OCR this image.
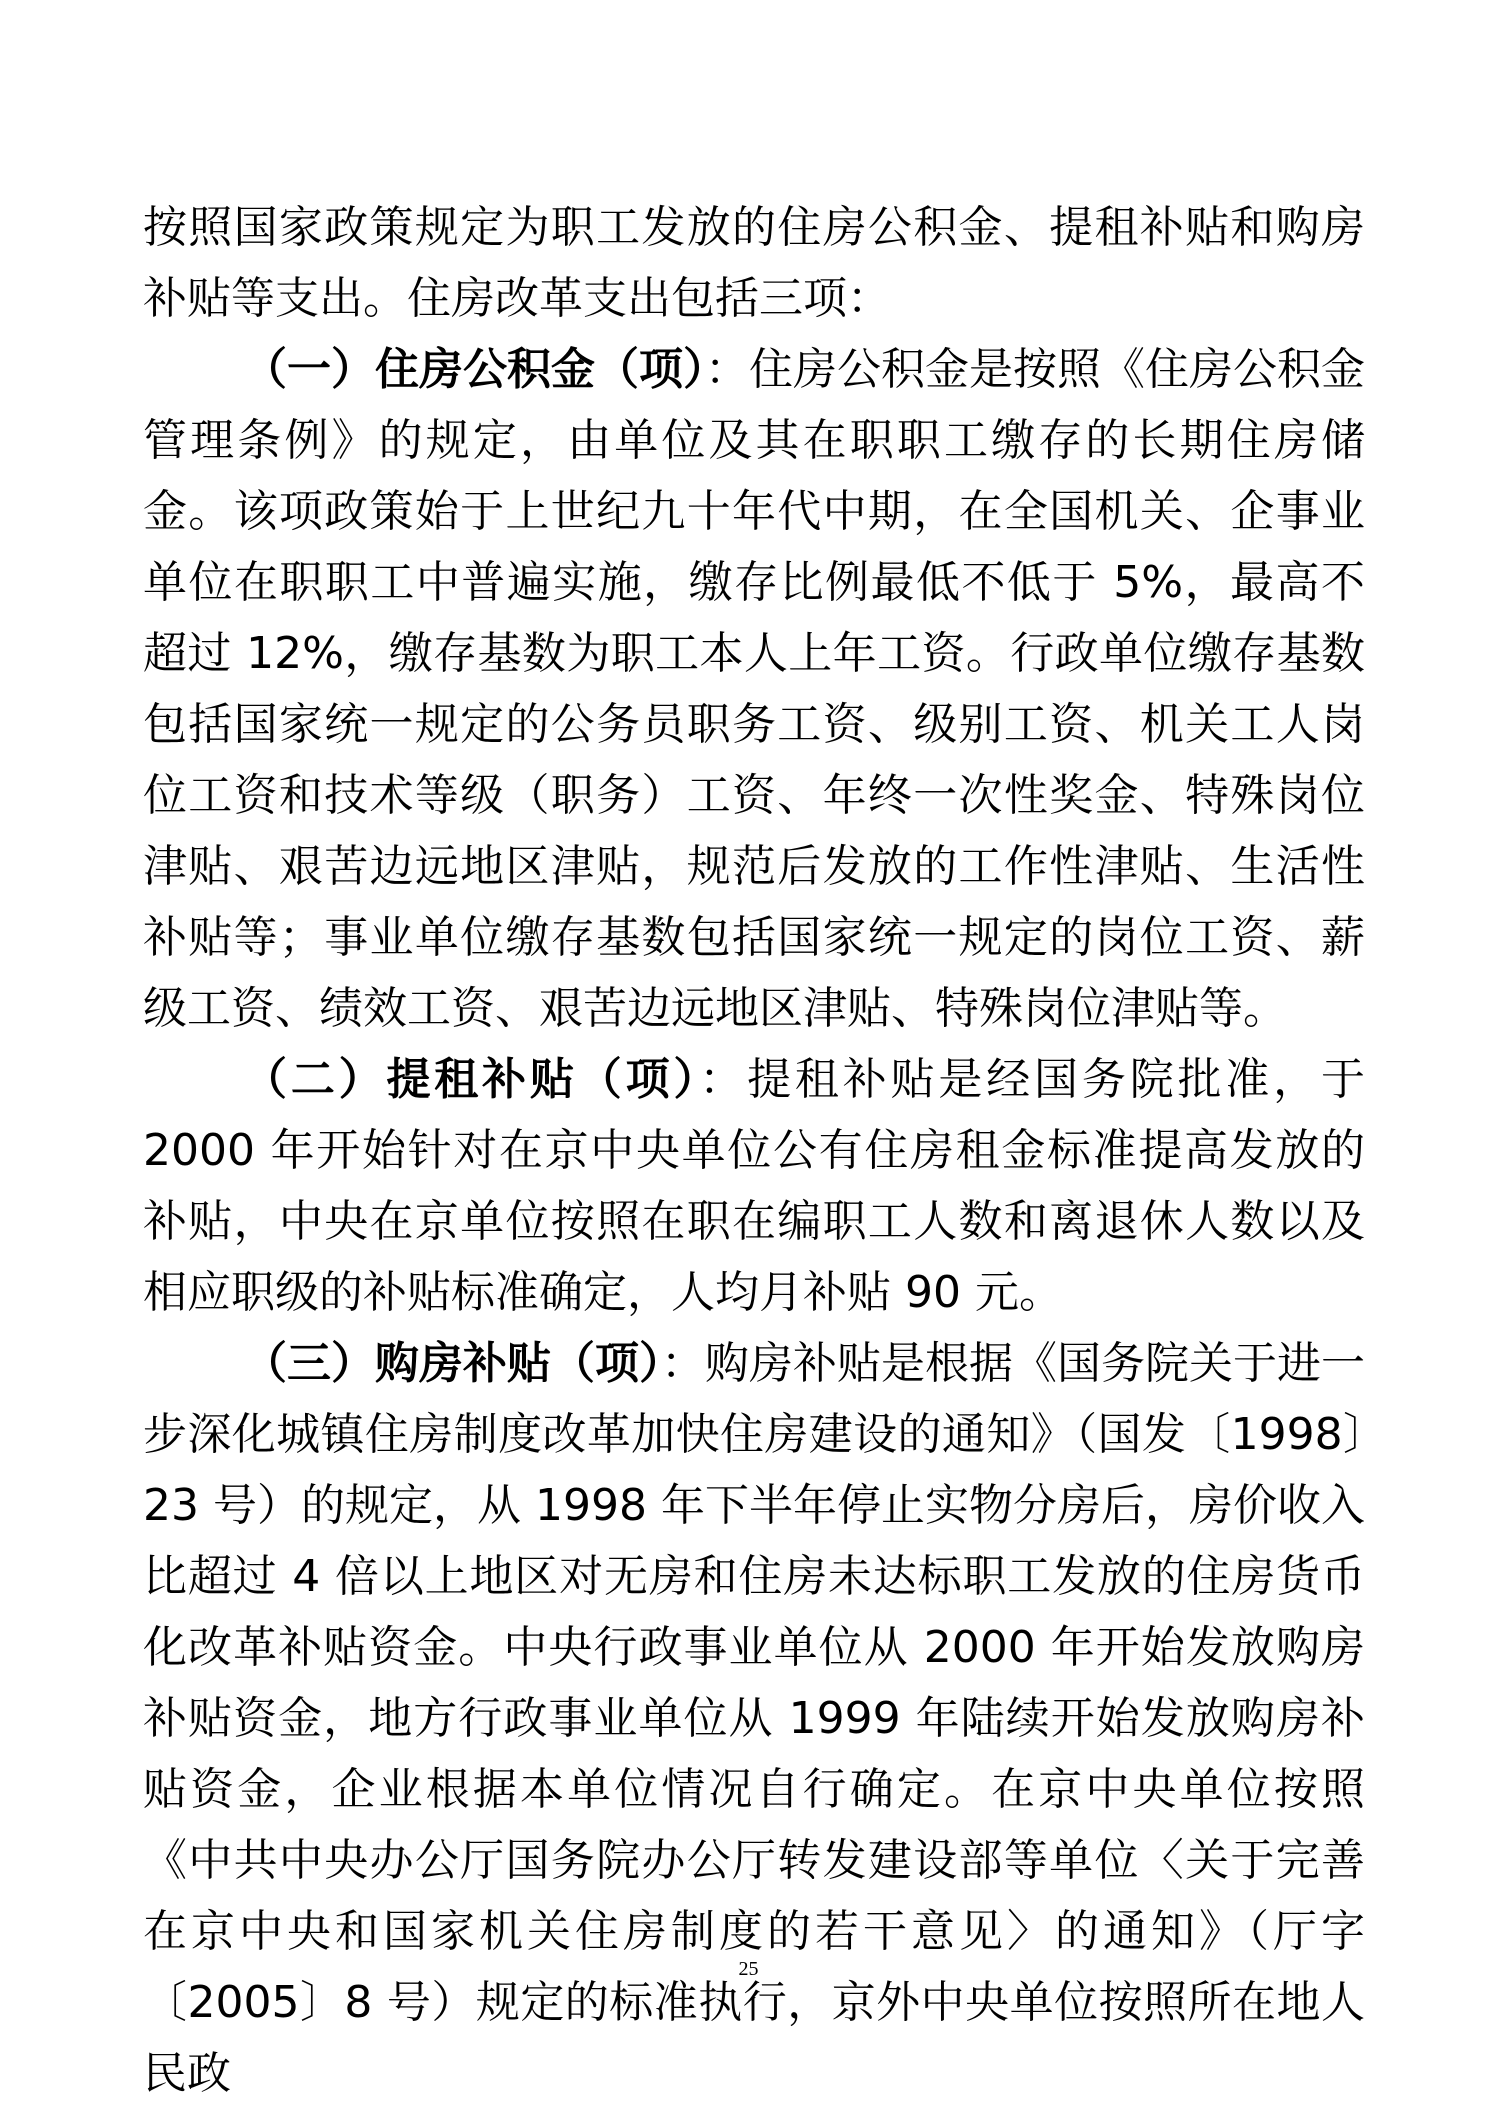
按照国家政策规定为职工发放的住房公积金、提租补贴和购房补贴等支出。住房改革支出包括三项：

（一）住房公积金（项）：住房公积金是按照《住房公积金管理条例》的规定，由单位及其在职职工缴存的长期住房储金。该项政策始于上世纪九十年代中期，在全国机关、企事业单位在职职工中普遍实施，缴存比例最低不低于 5%，最高不超过 12%，缴存基数为职工本人上年工资。行政单位缴存基数包括国家统一规定的公务员职务工资、级别工资、机关工人岗位工资和技术等级（职务）工资、年终一次性奖金、特殊岗位津贴、艰苦边远地区津贴，规范后发放的工作性津贴、生活性补贴等；事业单位缴存基数包括国家统一规定的岗位工资、薪级工资、绩效工资、艰苦边远地区津贴、特殊岗位津贴等。

（二）提租补贴（项）：提租补贴是经国务院批准，于 2000 年开始针对在京中央单位公有住房租金标准提高发放的补贴，中央在京单位按照在职在编职工人数和离退休人数以及相应职级的补贴标准确定，人均月补贴 90 元。

（三）购房补贴（项）：购房补贴是根据《国务院关于进一步深化城镇住房制度改革加快住房建设的通知》（国发〔1998〕23 号）的规定，从 1998 年下半年停止实物分房后，房价收入比超过 4 倍以上地区对无房和住房未达标职工发放的住房货币化改革补贴资金。中央行政事业单位从 2000 年开始发放购房补贴资金，地方行政事业单位从 1999 年陆续开始发放购房补贴资金，企业根据本单位情况自行确定。在京中央单位按照《中共中央办公厅国务院办公厅转发建设部等单位〈关于完善在京中央和国家机关住房制度的若干意见〉的通知》（厅字〔2005〕8 号）规定的标准执行，京外中央单位按照所在地人民政

25
